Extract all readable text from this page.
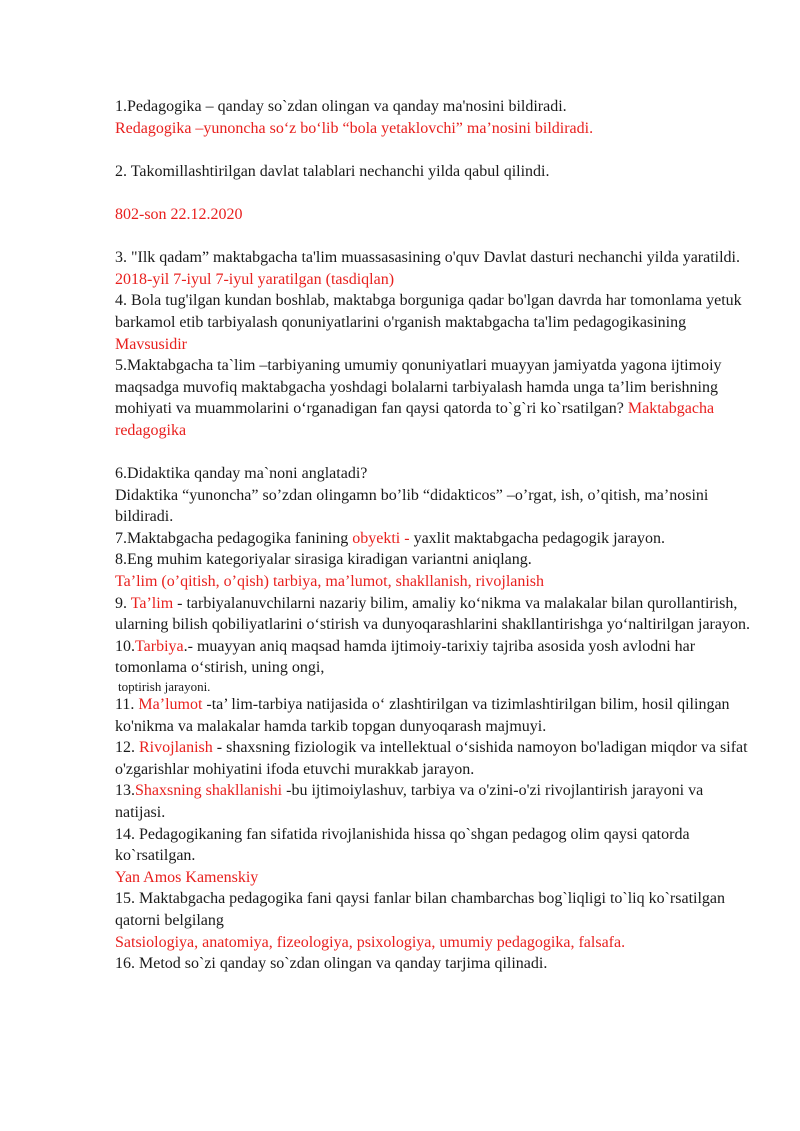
1.Pedagogika – qanday so`zdan olingan va qanday ma'nosini bildiradi.

Redagogika –yunoncha so‘z bo‘lib “bola yetaklovchi” ma’nosini bildiradi.

2. Takomillashtirilgan davlat talablari nechanchi yilda qabul qilindi.

802-son 22.12.2020

3. "Ilk qadam” maktabgacha ta'lim muassasasining o'quv Davlat dasturi nechanchi yilda yaratildi.

2018-yil 7-iyul 7-iyul yaratilgan (tasdiqlan)

4. Bola tug'ilgan kundan boshlab, maktabga borguniga qadar bo'lgan davrda har tomonlama yetuk barkamol etib tarbiyalash qonuniyatlarini o'rganish maktabgacha ta'lim pedagogikasining Mavsusidir

5.Maktabgacha ta`lim –tarbiyaning umumiy qonuniyatlari muayyan jamiyatda yagona ijtimoiy maqsadga muvofiq maktabgacha yoshdagi bolalarni tarbiyalash hamda unga ta’lim berishning mohiyati va muammolarini o‘rganadigan fan qaysi qatorda to`g`ri ko`rsatilgan? Maktabgacha redagogika

6.Didaktika qanday ma`noni anglatadi?

Didaktika “yunoncha” so’zdan olingamn bo’lib “didakticos” –o’rgat, ish, o’qitish, ma’nosini bildiradi.

7.Maktabgacha pedagogika fanining obyekti - yaxlit maktabgacha pedagogik jarayon.

8.Eng muhim kategoriyalar sirasiga kiradigan variantni aniqlang.

Ta’lim (o’qitish, o’qish) tarbiya, ma’lumot, shakllanish, rivojlanish

9. Ta’lim - tarbiyalanuvchilarni nazariy bilim, amaliy ko‘nikma va malakalar bilan qurollantirish, ularning bilish qobiliyatlarini o‘stirish va dunyoqarashlarini shakllantirishga yo‘naltirilgan jarayon.

10.Tarbiya.- muayyan aniq maqsad hamda ijtimoiy-tarixiy tajriba asosida yosh avlodni har tomonlama o‘stirish, uning ongi,

toptirish jarayoni.

11. Ma’lumot -ta’ lim-tarbiya natijasida o‘ zlashtirilgan va tizimlashtirilgan bilim, hosil qilingan ko'nikma va malakalar hamda tarkib topgan dunyoqarash majmuyi.

12. Rivojlanish - shaxsning fiziologik va intellektual o‘sishida namoyon bo'ladigan miqdor va sifat o'zgarishlar mohiyatini ifoda etuvchi murakkab jarayon.

13.Shaxsning shakllanishi -bu ijtimoiylashuv, tarbiya va o'zini-o'zi rivojlantirish jarayoni va natijasi.

14. Pedagogikaning fan sifatida rivojlanishida hissa qo`shgan pedagog olim qaysi qatorda ko`rsatilgan.

Yan Amos Kamenskiy

15. Maktabgacha pedagogika fani qaysi fanlar bilan chambarchas bog`liqligi to`liq ko`rsatilgan qatorni belgilang

Satsiologiya, anatomiya, fizeologiya, psixologiya, umumiy pedagogika, falsafa.

16. Metod so`zi qanday so`zdan olingan va qanday tarjima qilinadi.
